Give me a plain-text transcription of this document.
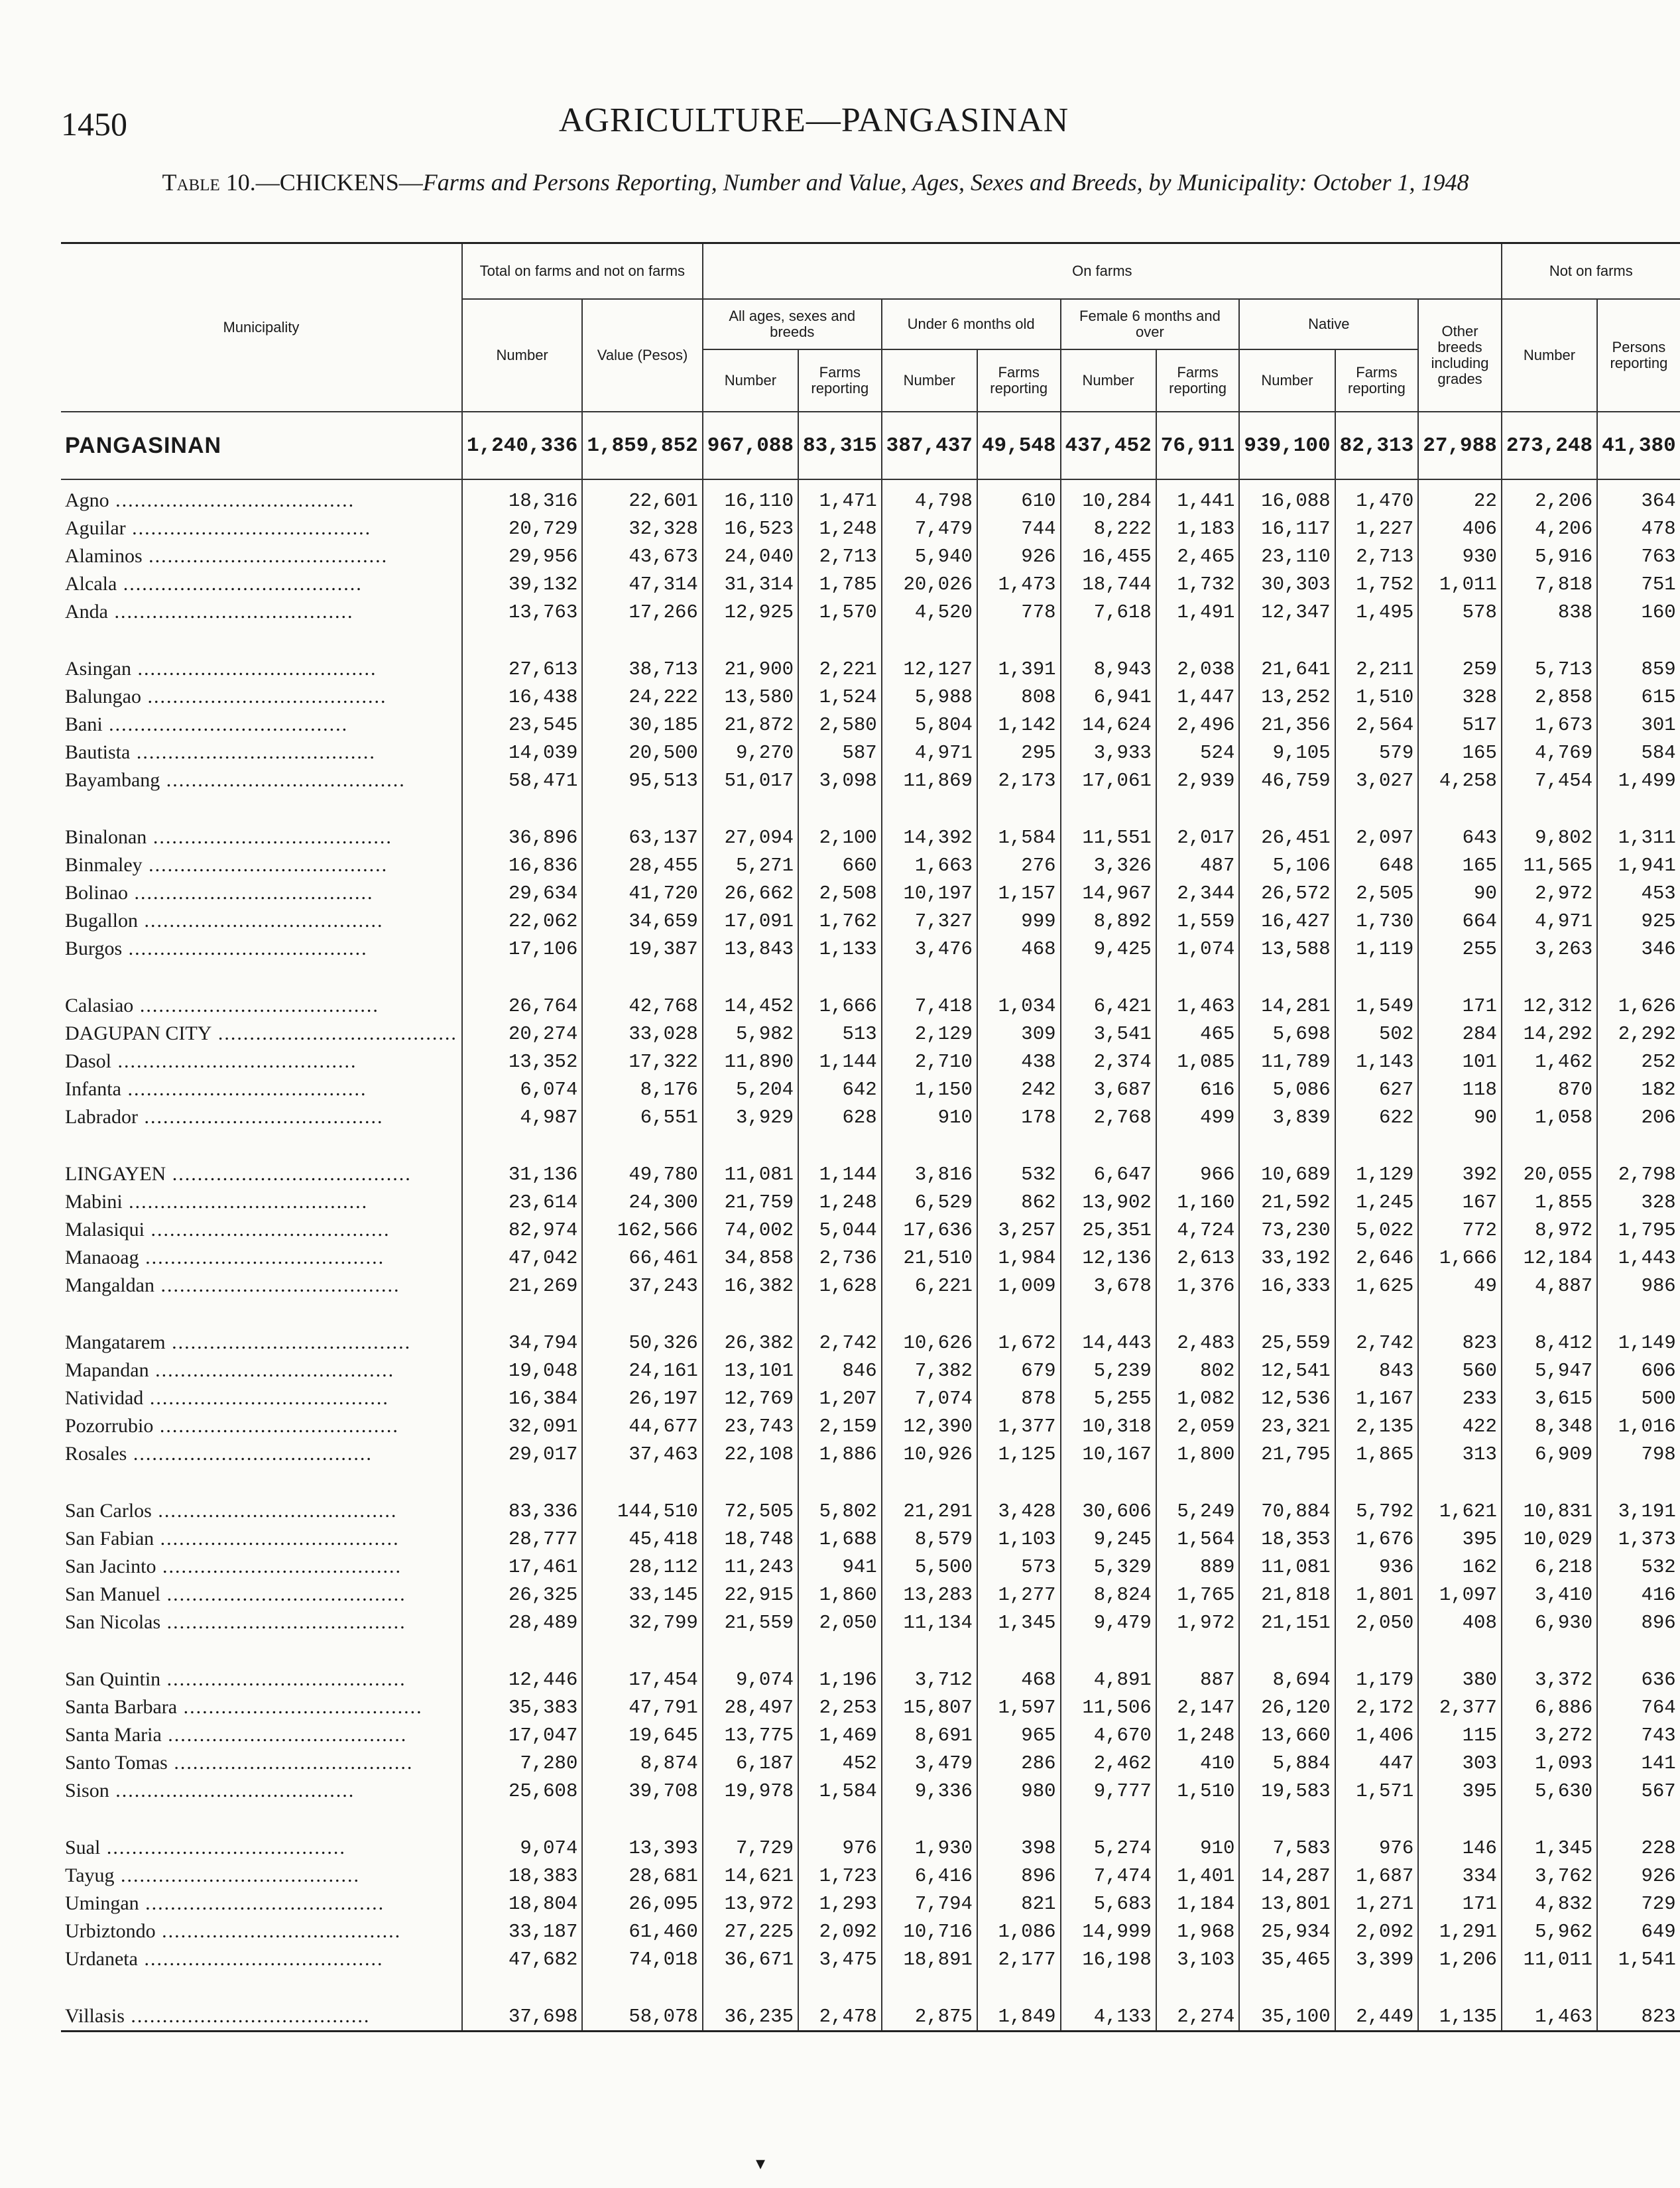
1450	AGRICULTURE—PANGASINAN
Table 10.—CHICKENS—Farms and Persons Reporting, Number and Value, Ages, Sexes and Breeds, by Municipality: October 1, 1948
Municipality	Total on farms and not on farms		On farms									Not on farms	
	Number	Value (Pesos)	All ages, sexes and breeds		Under 6 months old		Female 6 months and over		Native		Other breeds including grades	Number	Persons reporting
			Number	Farms reporting	Number	Farms reporting	Number	Farms reporting	Number	Farms reporting			
PANGASINAN	1,240,336	1,859,852	967,088	83,315	387,437	49,548	437,452	76,911	939,100	82,313	27,988	273,248	41,380
Agno .....	18,316	22,601	16,110	1,471	4,798	610	10,284	1,441	16,088	1,470	22	2,206	364
Aguilar .....	20,729	32,328	16,523	1,248	7,479	744	8,222	1,183	16,117	1,227	406	4,206	478
Alaminos .....	29,956	43,673	24,040	2,713	5,940	926	16,455	2,465	23,110	2,713	930	5,916	763
Alcala .....	39,132	47,314	31,314	1,785	20,026	1,473	18,744	1,732	30,303	1,752	1,011	7,818	751
Anda .....	13,763	17,266	12,925	1,570	4,520	778	7,618	1,491	12,347	1,495	578	838	160

Asingan .....	27,613	38,713	21,900	2,221	12,127	1,391	8,943	2,038	21,641	2,211	259	5,713	859
Balungao .....	16,438	24,222	13,580	1,524	5,988	808	6,941	1,447	13,252	1,510	328	2,858	615
Bani .....	23,545	30,185	21,872	2,580	5,804	1,142	14,624	2,496	21,356	2,564	517	1,673	301
Bautista .....	14,039	20,500	9,270	587	4,971	295	3,933	524	9,105	579	165	4,769	584
Bayambang .....	58,471	95,513	51,017	3,098	11,869	2,173	17,061	2,939	46,759	3,027	4,258	7,454	1,499

Binalonan .....	36,896	63,137	27,094	2,100	14,392	1,584	11,551	2,017	26,451	2,097	643	9,802	1,311
Binmaley .....	16,836	28,455	5,271	660	1,663	276	3,326	487	5,106	648	165	11,565	1,941
Bolinao .....	29,634	41,720	26,662	2,508	10,197	1,157	14,967	2,344	26,572	2,505	90	2,972	453
Bugallon .....	22,062	34,659	17,091	1,762	7,327	999	8,892	1,559	16,427	1,730	664	4,971	925
Burgos .....	17,106	19,387	13,843	1,133	3,476	468	9,425	1,074	13,588	1,119	255	3,263	346

Calasiao .....	26,764	42,768	14,452	1,666	7,418	1,034	6,421	1,463	14,281	1,549	171	12,312	1,626
DAGUPAN CITY .....	20,274	33,028	5,982	513	2,129	309	3,541	465	5,698	502	284	14,292	2,292
Dasol .....	13,352	17,322	11,890	1,144	2,710	438	2,374	1,085	11,789	1,143	101	1,462	252
Infanta .....	6,074	8,176	5,204	642	1,150	242	3,687	616	5,086	627	118	870	182
Labrador .....	4,987	6,551	3,929	628	910	178	2,768	499	3,839	622	90	1,058	206

LINGAYEN .....	31,136	49,780	11,081	1,144	3,816	532	6,647	966	10,689	1,129	392	20,055	2,798
Mabini .....	23,614	24,300	21,759	1,248	6,529	862	13,902	1,160	21,592	1,245	167	1,855	328
Malasiqui .....	82,974	162,566	74,002	5,044	17,636	3,257	25,351	4,724	73,230	5,022	772	8,972	1,795
Manaoag .....	47,042	66,461	34,858	2,736	21,510	1,984	12,136	2,613	33,192	2,646	1,666	12,184	1,443
Mangaldan .....	21,269	37,243	16,382	1,628	6,221	1,009	3,678	1,376	16,333	1,625	49	4,887	986

Mangatarem .....	34,794	50,326	26,382	2,742	10,626	1,672	14,443	2,483	25,559	2,742	823	8,412	1,149
Mapandan .....	19,048	24,161	13,101	846	7,382	679	5,239	802	12,541	843	560	5,947	606
Natividad .....	16,384	26,197	12,769	1,207	7,074	878	5,255	1,082	12,536	1,167	233	3,615	500
Pozorrubio .....	32,091	44,677	23,743	2,159	12,390	1,377	10,318	2,059	23,321	2,135	422	8,348	1,016
Rosales .....	29,017	37,463	22,108	1,886	10,926	1,125	10,167	1,800	21,795	1,865	313	6,909	798

San Carlos .....	83,336	144,510	72,505	5,802	21,291	3,428	30,606	5,249	70,884	5,792	1,621	10,831	3,191
San Fabian .....	28,777	45,418	18,748	1,688	8,579	1,103	9,245	1,564	18,353	1,676	395	10,029	1,373
San Jacinto .....	17,461	28,112	11,243	941	5,500	573	5,329	889	11,081	936	162	6,218	532
San Manuel .....	26,325	33,145	22,915	1,860	13,283	1,277	8,824	1,765	21,818	1,801	1,097	3,410	416
San Nicolas .....	28,489	32,799	21,559	2,050	11,134	1,345	9,479	1,972	21,151	2,050	408	6,930	896

San Quintin .....	12,446	17,454	9,074	1,196	3,712	468	4,891	887	8,694	1,179	380	3,372	636
Santa Barbara .....	35,383	47,791	28,497	2,253	15,807	1,597	11,506	2,147	26,120	2,172	2,377	6,886	764
Santa Maria .....	17,047	19,645	13,775	1,469	8,691	965	4,670	1,248	13,660	1,406	115	3,272	743
Santo Tomas .....	7,280	8,874	6,187	452	3,479	286	2,462	410	5,884	447	303	1,093	141
Sison .....	25,608	39,708	19,978	1,584	9,336	980	9,777	1,510	19,583	1,571	395	5,630	567

Sual .....	9,074	13,393	7,729	976	1,930	398	5,274	910	7,583	976	146	1,345	228
Tayug .....	18,383	28,681	14,621	1,723	6,416	896	7,474	1,401	14,287	1,687	334	3,762	926
Umingan .....	18,804	26,095	13,972	1,293	7,794	821	5,683	1,184	13,801	1,271	171	4,832	729
Urbiztondo .....	33,187	61,460	27,225	2,092	10,716	1,086	14,999	1,968	25,934	2,092	1,291	5,962	649
Urdaneta .....	47,682	74,018	36,671	3,475	18,891	2,177	16,198	3,103	35,465	3,399	1,206	11,011	1,541

Villasis .....	37,698	58,078	36,235	2,478	2,875	1,849	4,133	2,274	35,100	2,449	1,135	1,463	823
▾
